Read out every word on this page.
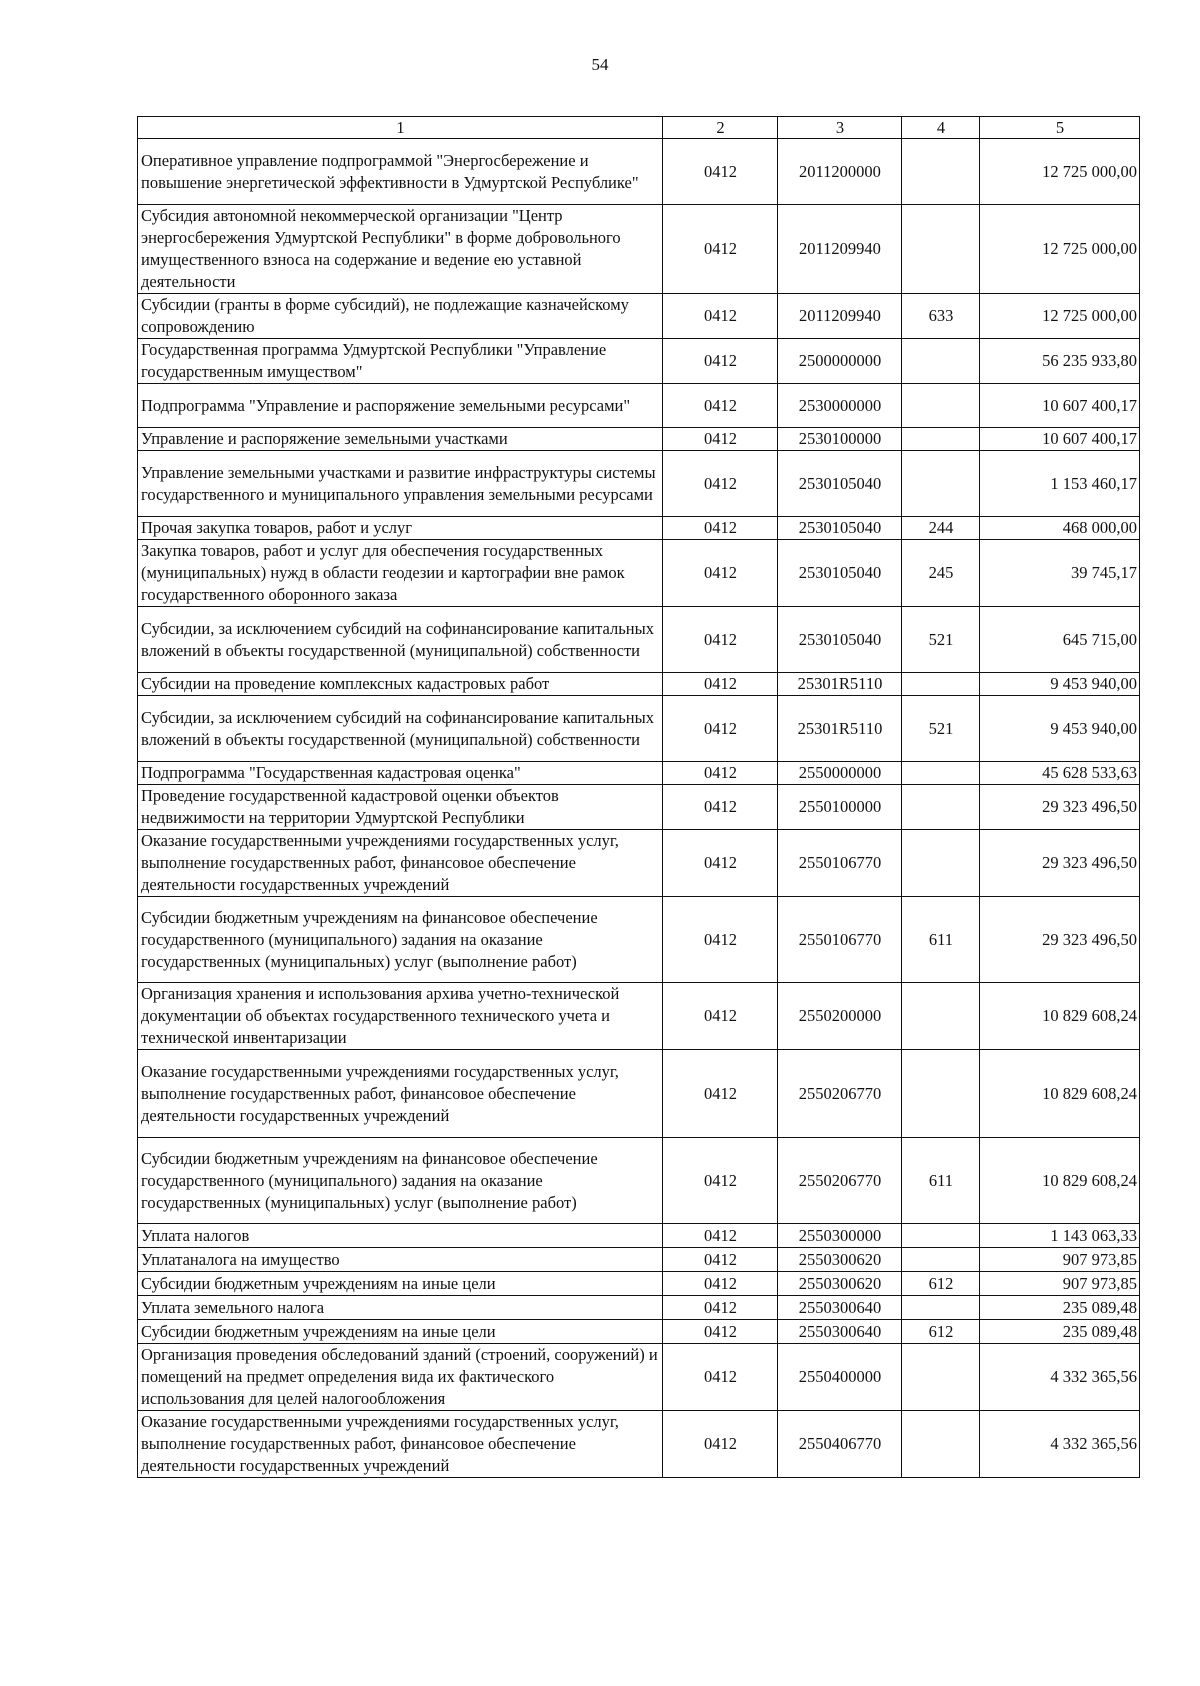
54
1	2	3	4	5
Оперативное управление подпрограммой "Энергосбережение и повышение энергетической эффективности в Удмуртской Республике"	0412	2011200000		12 725 000,00
Субсидия автономной некоммерческой организации "Центр энергосбережения Удмуртской Республики" в форме добровольного имущественного взноса на содержание и ведение ею уставной деятельности	0412	2011209940		12 725 000,00
Субсидии (гранты в форме субсидий), не подлежащие казначейскому сопровождению	0412	2011209940	633	12 725 000,00
Государственная программа Удмуртской Республики "Управление государственным имуществом"	0412	2500000000		56 235 933,80
Подпрограмма "Управление и распоряжение земельными ресурсами"	0412	2530000000		10 607 400,17
Управление и распоряжение земельными участками	0412	2530100000		10 607 400,17
Управление земельными участками и развитие инфраструктуры системы государственного и муниципального управления земельными ресурсами	0412	2530105040		1 153 460,17
Прочая закупка товаров, работ и услуг	0412	2530105040	244	468 000,00
Закупка товаров, работ и услуг для обеспечения государственных (муниципальных) нужд в области геодезии и картографии вне рамок государственного оборонного заказа	0412	2530105040	245	39 745,17
Субсидии, за исключением субсидий на софинансирование капитальных вложений в объекты государственной (муниципальной) собственности	0412	2530105040	521	645 715,00
Субсидии на проведение комплексных кадастровых работ	0412	25301R5110		9 453 940,00
Субсидии, за исключением субсидий на софинансирование капитальных вложений в объекты государственной (муниципальной) собственности	0412	25301R5110	521	9 453 940,00
Подпрограмма "Государственная кадастровая оценка"	0412	2550000000		45 628 533,63
Проведение государственной кадастровой оценки объектов недвижимости на территории Удмуртской Республики	0412	2550100000		29 323 496,50
Оказание государственными учреждениями государственных услуг, выполнение государственных работ, финансовое обеспечение деятельности государственных учреждений	0412	2550106770		29 323 496,50
Субсидии бюджетным учреждениям на финансовое обеспечение государственного (муниципального) задания на оказание государственных (муниципальных) услуг (выполнение работ)	0412	2550106770	611	29 323 496,50
Организация хранения и использования архива учетно-технической документации об объектах государственного технического учета и технической инвентаризации	0412	2550200000		10 829 608,24
Оказание государственными учреждениями государственных услуг, выполнение государственных работ, финансовое обеспечение деятельности государственных учреждений	0412	2550206770		10 829 608,24
Субсидии бюджетным учреждениям на финансовое обеспечение государственного (муниципального) задания на оказание государственных (муниципальных) услуг (выполнение работ)	0412	2550206770	611	10 829 608,24
Уплата налогов	0412	2550300000		1 143 063,33
Уплатаналога на имущество	0412	2550300620		907 973,85
Субсидии бюджетным учреждениям на иные цели	0412	2550300620	612	907 973,85
Уплата земельного налога	0412	2550300640		235 089,48
Субсидии бюджетным учреждениям на иные цели	0412	2550300640	612	235 089,48
Организация проведения обследований зданий (строений, сооружений) и помещений на предмет определения вида их фактического использования для целей налогообложения	0412	2550400000		4 332 365,56
Оказание государственными учреждениями государственных услуг, выполнение государственных работ, финансовое обеспечение деятельности государственных учреждений	0412	2550406770		4 332 365,56
